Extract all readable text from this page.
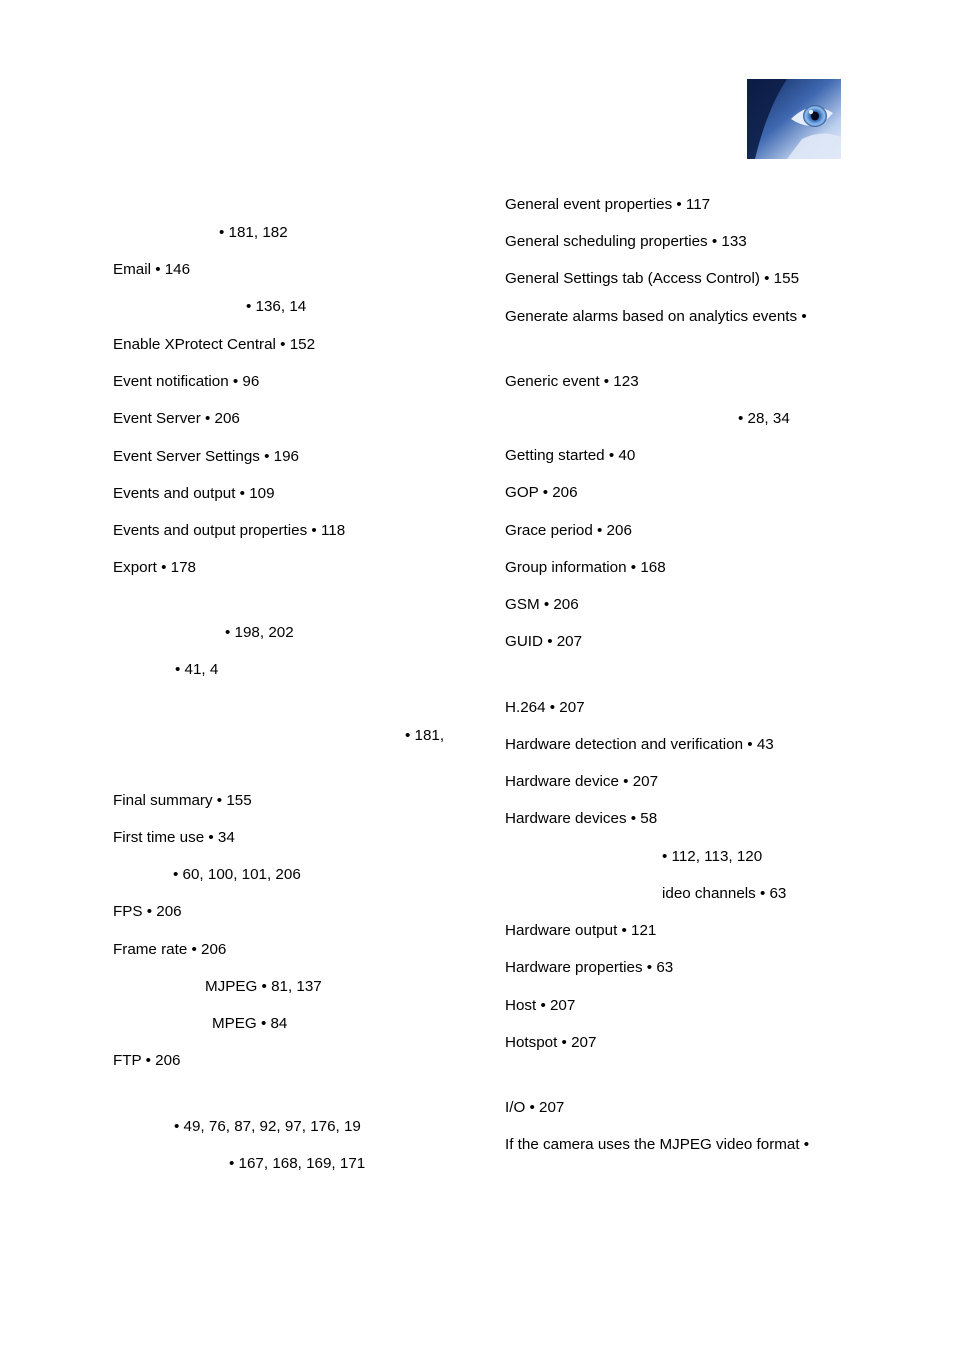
• 181, 182
Email • 146
• 136, 14
Enable XProtect Central • 152
Event notification • 96
Event Server • 206
Event Server Settings • 196
Events and output • 109
Events and output properties • 118
Export • 178
• 198, 202
• 41, 4
• 181,
Final summary • 155
First time use • 34
• 60, 100, 101, 206
FPS • 206
Frame rate • 206
MJPEG • 81, 137
MPEG • 84
FTP • 206
• 49, 76, 87, 92, 97, 176, 19
• 167, 168, 169, 171
General event properties • 117
General scheduling properties • 133
General Settings tab (Access Control) • 155
Generate alarms based on analytics events •
Generic event • 123
• 28, 34
Getting started • 40
GOP • 206
Grace period • 206
Group information • 168
GSM • 206
GUID • 207
H.264 • 207
Hardware detection and verification • 43
Hardware device • 207
Hardware devices • 58
• 112, 113, 120
ideo channels • 63
Hardware output • 121
Hardware properties • 63
Host • 207
Hotspot • 207
I/O • 207
If the camera uses the MJPEG video format •
